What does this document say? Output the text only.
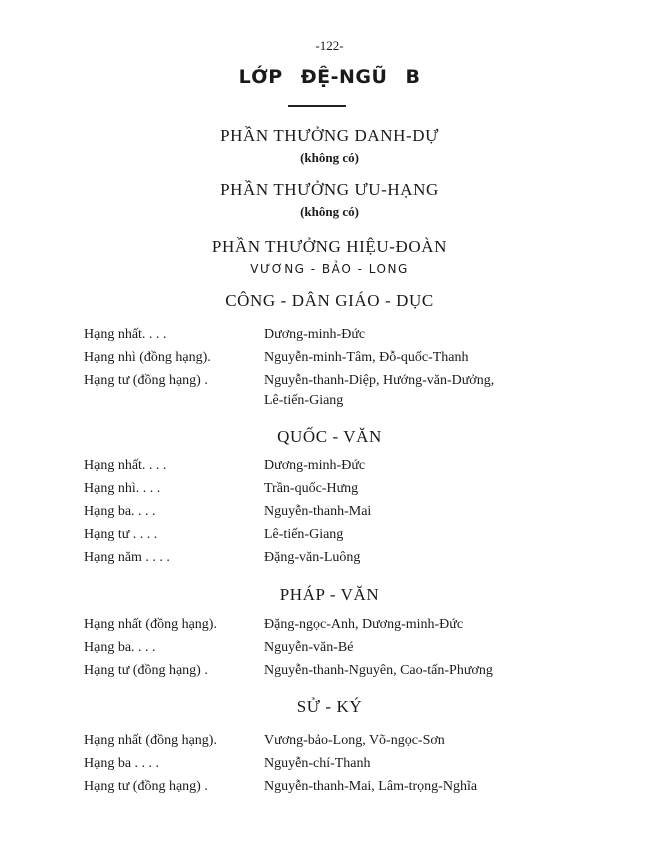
-122-
LỚP ĐỆ-NGŨ B
PHẦN THƯỞNG DANH-DỰ
(không có)
PHẦN THƯỞNG ƯU-HẠNG
(không có)
PHẦN THƯỞNG HIỆU-ĐOÀN
VƯƠNG - BẢO - LONG
CÔNG - DÂN GIÁO - DỤC
Hạng nhất. . . .	Dương-minh-Đức
Hạng nhì (đồng hạng).	Nguyễn-minh-Tâm, Đỗ-quốc-Thanh
Hạng tư (đồng hạng) .	Nguyễn-thanh-Diệp, Hướng-văn-Dưởng,
Lê-tiến-Giang
QUỐC - VĂN
Hạng nhất. . . .	Dương-minh-Đức
Hạng nhì. . . .	Trần-quốc-Hưng
Hạng ba. . . .	Nguyễn-thanh-Mai
Hạng tư . . . .	Lê-tiến-Giang
Hạng năm . . . .	Đặng-văn-Luông
PHÁP - VĂN
Hạng nhất (đồng hạng).	Đặng-ngọc-Anh, Dương-minh-Đức
Hạng ba. . . .	Nguyễn-văn-Bé
Hạng tư (đồng hạng) .	Nguyễn-thanh-Nguyên, Cao-tấn-Phương
SỬ - KÝ
Hạng nhất (đồng hạng).	Vương-bảo-Long, Võ-ngọc-Sơn
Hạng ba . . . .	Nguyễn-chí-Thanh
Hạng tư (đồng hạng) .	Nguyễn-thanh-Mai, Lâm-trọng-Nghĩa
